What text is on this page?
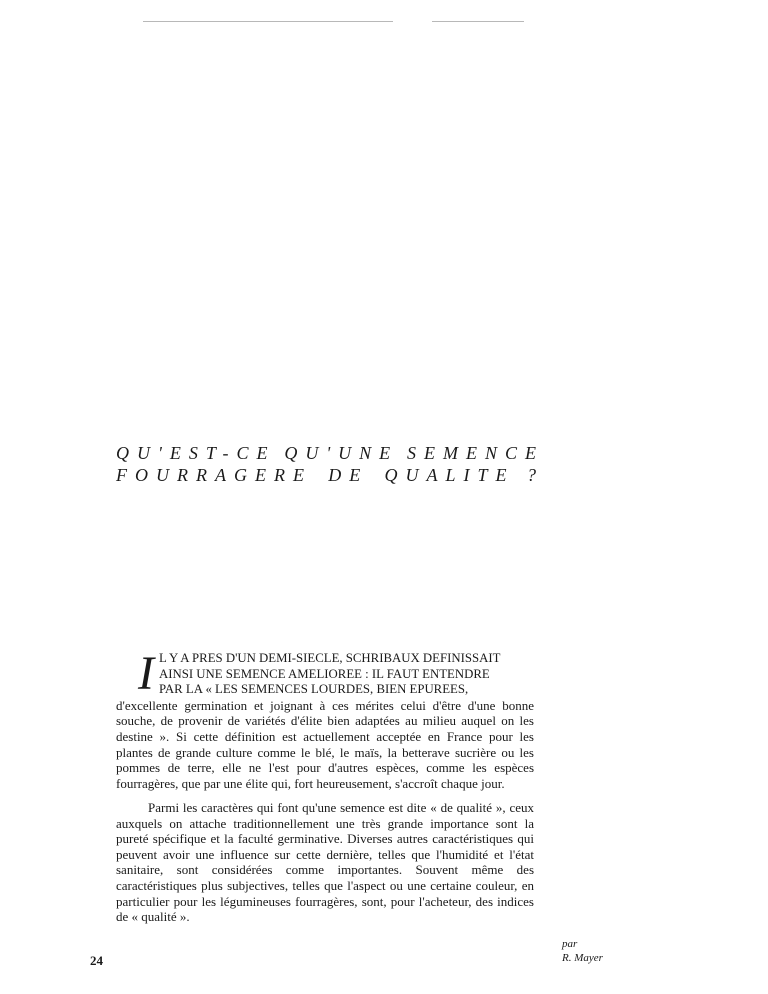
QU'EST-CE QU'UNE SEMENCE
FOURRAGERE DE QUALITE ?
I L Y A PRES D'UN DEMI-SIECLE, SCHRIBAUX DEFINISSAIT
AINSI UNE SEMENCE AMELIOREE : IL FAUT ENTENDRE
PAR LA « LES SEMENCES LOURDES, BIEN EPUREES,
d'excellente germination et joignant à ces mérites celui d'être d'une bonne souche, de provenir de variétés d'élite bien adaptées au milieu auquel on les destine ». Si cette définition est actuellement acceptée en France pour les plantes de grande culture comme le blé, le maïs, la betterave sucrière ou les pommes de terre, elle ne l'est pour d'autres espèces, comme les espèces fourragères, que par une élite qui, fort heureusement, s'accroît chaque jour.

Parmi les caractères qui font qu'une semence est dite « de qualité », ceux auxquels on attache traditionnellement une très grande importance sont la pureté spécifique et la faculté germinative. Diverses autres caractéristiques qui peuvent avoir une influence sur cette dernière, telles que l'humidité et l'état sanitaire, sont considérées comme importantes. Souvent même des caractéristiques plus subjectives, telles que l'aspect ou une certaine couleur, en particulier pour les légumineuses fourragères, sont, pour l'acheteur, des indices de « qualité ».

24
par
R. Mayer
